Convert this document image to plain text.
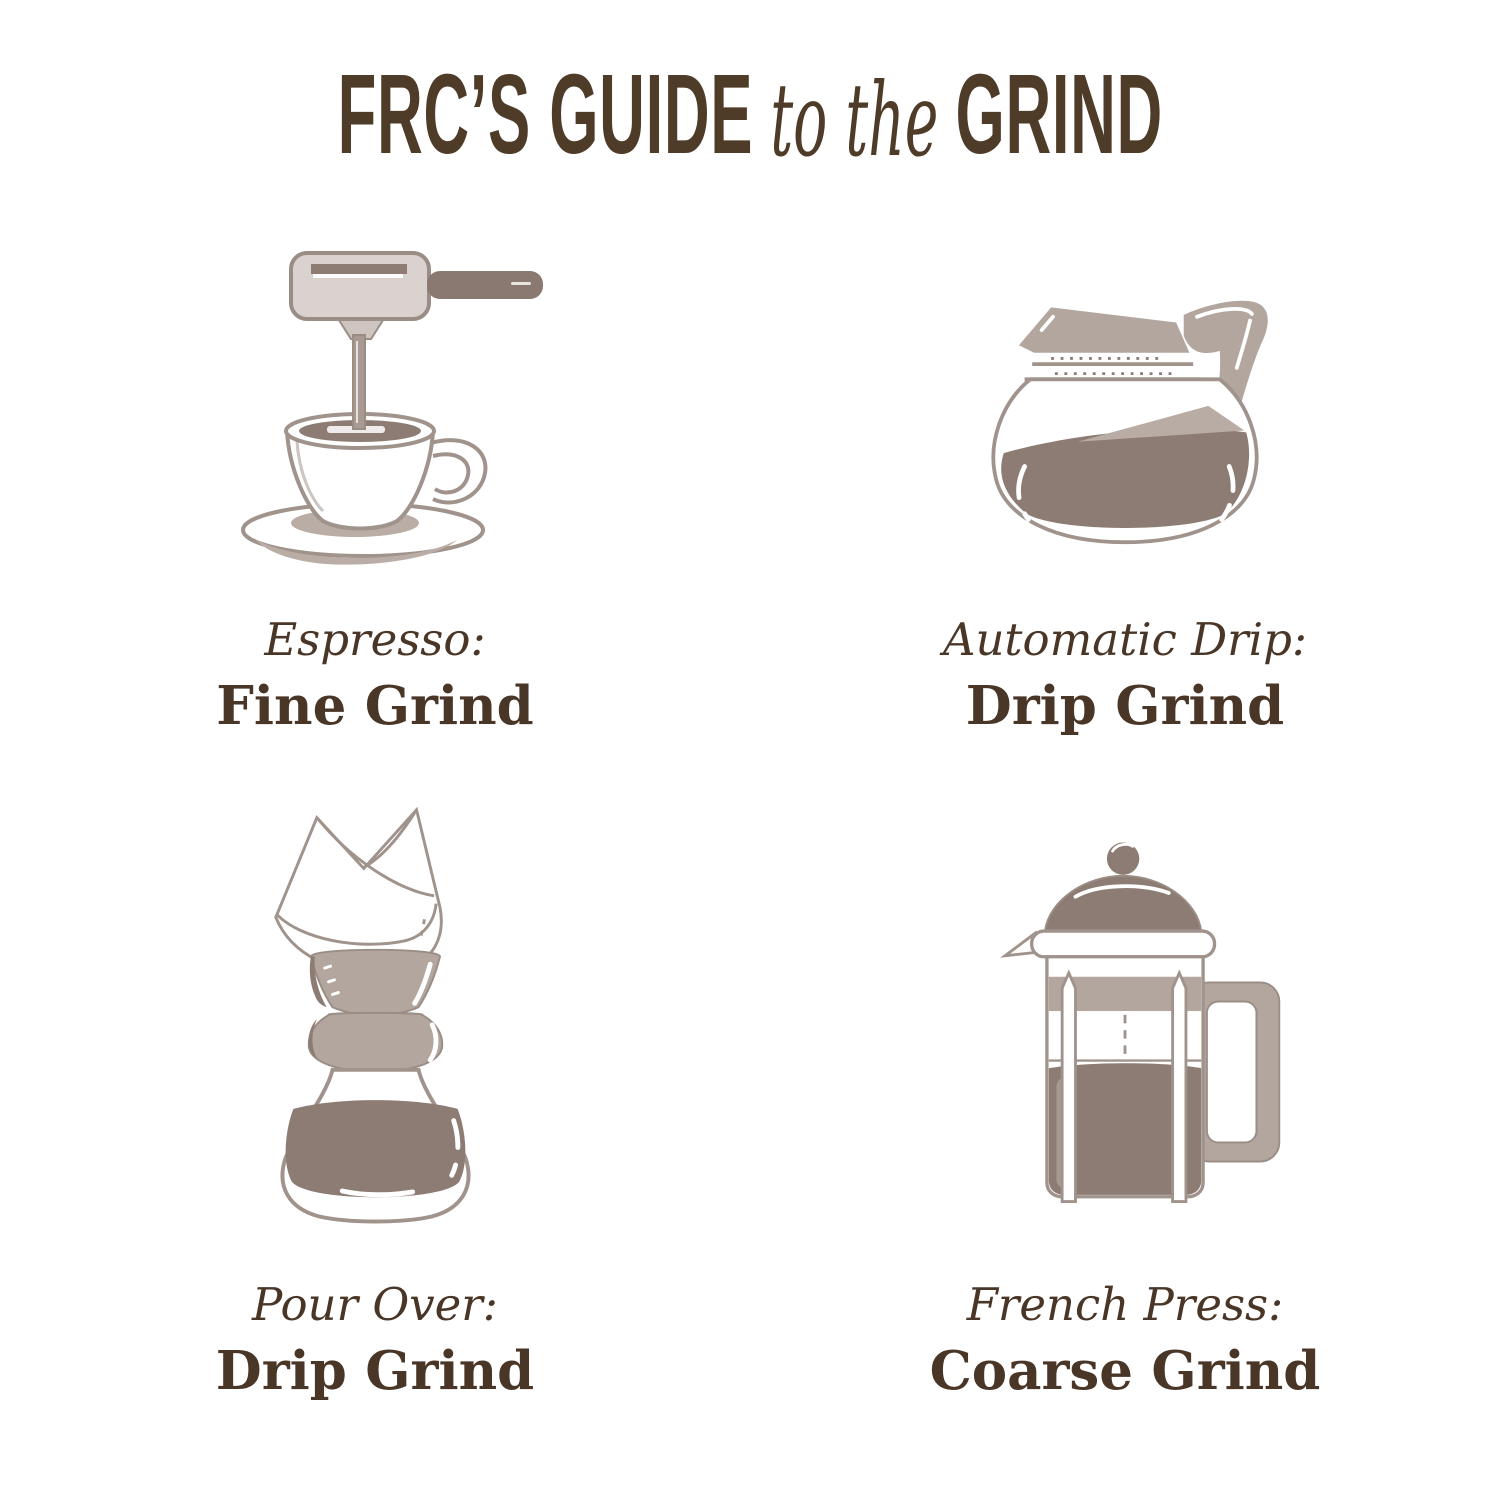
FRC’S GUIDE to the GRIND
Espresso:
Fine Grind
Automatic Drip:
Drip Grind
Pour Over:
Drip Grind
French Press:
Coarse Grind
